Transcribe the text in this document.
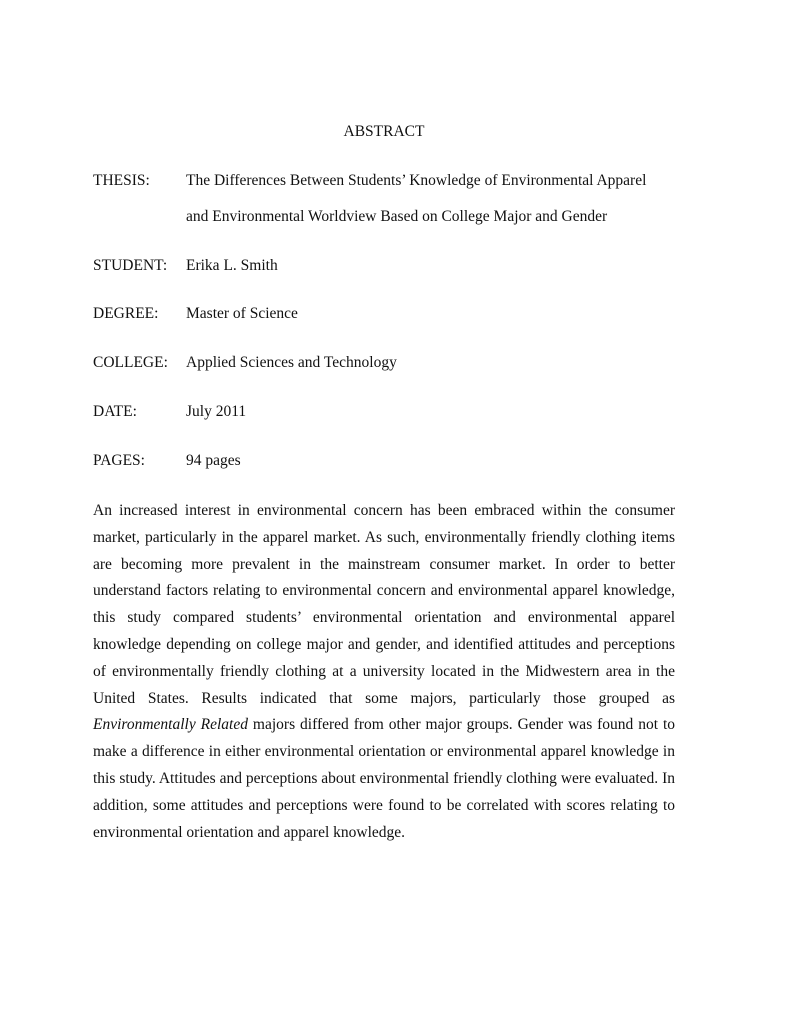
ABSTRACT
THESIS: The Differences Between Students’ Knowledge of Environmental Apparel
and Environmental Worldview Based on College Major and Gender
STUDENT: Erika L. Smith
DEGREE: Master of Science
COLLEGE: Applied Sciences and Technology
DATE:	July 2011
PAGES:	94 pages
An increased interest in environmental concern has been embraced within the consumer market, particularly in the apparel market. As such, environmentally friendly clothing items are becoming more prevalent in the mainstream consumer market. In order to better understand factors relating to environmental concern and environmental apparel knowledge, this study compared students’ environmental orientation and environmental apparel knowledge depending on college major and gender, and identified attitudes and perceptions of environmentally friendly clothing at a university located in the Midwestern area in the United States. Results indicated that some majors, particularly those grouped as Environmentally Related majors differed from other major groups. Gender was found not to make a difference in either environmental orientation or environmental apparel knowledge in this study. Attitudes and perceptions about environmental friendly clothing were evaluated. In addition, some attitudes and perceptions were found to be correlated with scores relating to environmental orientation and apparel knowledge.
